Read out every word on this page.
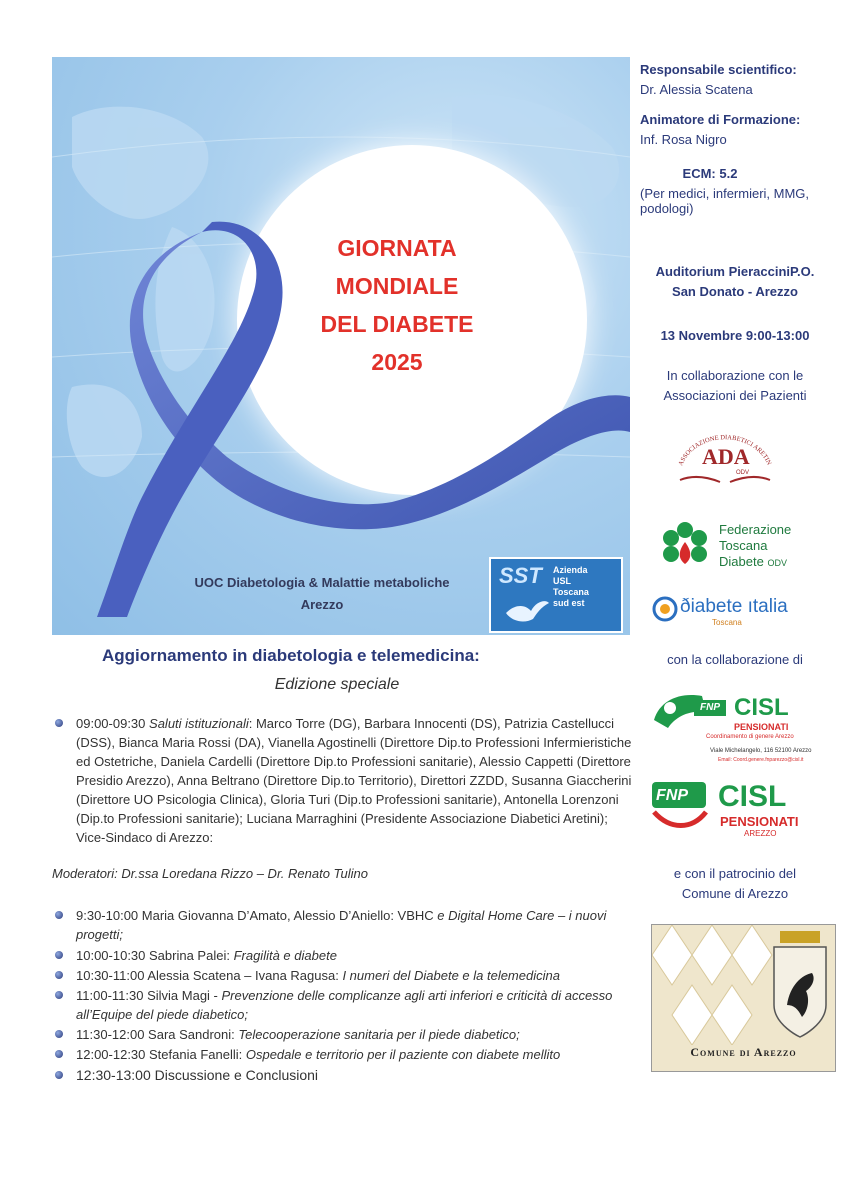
GIORNATA
MONDIALE
DEL DIABETE
2025
UOC Diabetologia & Malattie metaboliche
Arezzo
SST Azienda
USL
Toscana
sud est
Responsabile scientifico:
Dr. Alessia Scatena
Animatore di Formazione:
Inf. Rosa Nigro
ECM: 5.2
(Per medici, infermieri, MMG,
podologi)
Auditorium PieracciniP.O.
San Donato - Arezzo
13 Novembre 9:00-13:00
In collaborazione con le
Associazioni dei Pazienti
ASSOCIAZIONE DIABETICI ARETIN
ADA
ODV
Federazione
Toscana
Diabete ODV
ðiabete ıtalia
Toscana
con la collaborazione di
FNP CISL
PENSIONATI
Coordinamento di genere Arezzo
Viale Michelangelo, 116 52100 Arezzo
Email: Coord.genere.fnparezzo@cisl.it
FNP CISL
PENSIONATI
AREZZO
e con il patrocinio del
Comune di Arezzo
Comune di Arezzo
Aggiornamento in diabetologia e telemedicina:
Edizione speciale
09:00-09:30 Saluti istituzionali: Marco Torre (DG), Barbara Innocenti (DS), Patrizia Castellucci (DSS), Bianca Maria Rossi (DA), Vianella Agostinelli (Direttore Dip.to Professioni Infermieristiche ed Ostetriche, Daniela Cardelli (Direttore Dip.to Professioni sanitarie), Alessio Cappetti (Direttore Presidio Arezzo), Anna Beltrano (Direttore Dip.to Territorio), Direttori ZZDD, Susanna Giaccherini (Direttore UO Psicologia Clinica), Gloria Turi (Dip.to Professioni sanitarie), Antonella Lorenzoni (Dip.to Professioni sanitarie); Luciana Marraghini (Presidente Associazione Diabetici Aretini); Vice-Sindaco di Arezzo:
Moderatori: Dr.ssa Loredana Rizzo – Dr. Renato Tulino
9:30-10:00 Maria Giovanna D’Amato, Alessio D’Aniello: VBHC e Digital Home Care – i nuovi progetti;
10:00-10:30 Sabrina Palei: Fragilità e diabete
10:30-11:00 Alessia Scatena – Ivana Ragusa: I numeri del Diabete e la telemedicina
11:00-11:30 Silvia Magi - Prevenzione delle complicanze agli arti inferiori e criticità di accesso all’Equipe del piede diabetico;
11:30-12:00 Sara Sandroni: Telecooperazione sanitaria per il piede diabetico;
12:00-12:30 Stefania Fanelli: Ospedale e territorio per il paziente con diabete mellito
12:30-13:00 Discussione e Conclusioni
